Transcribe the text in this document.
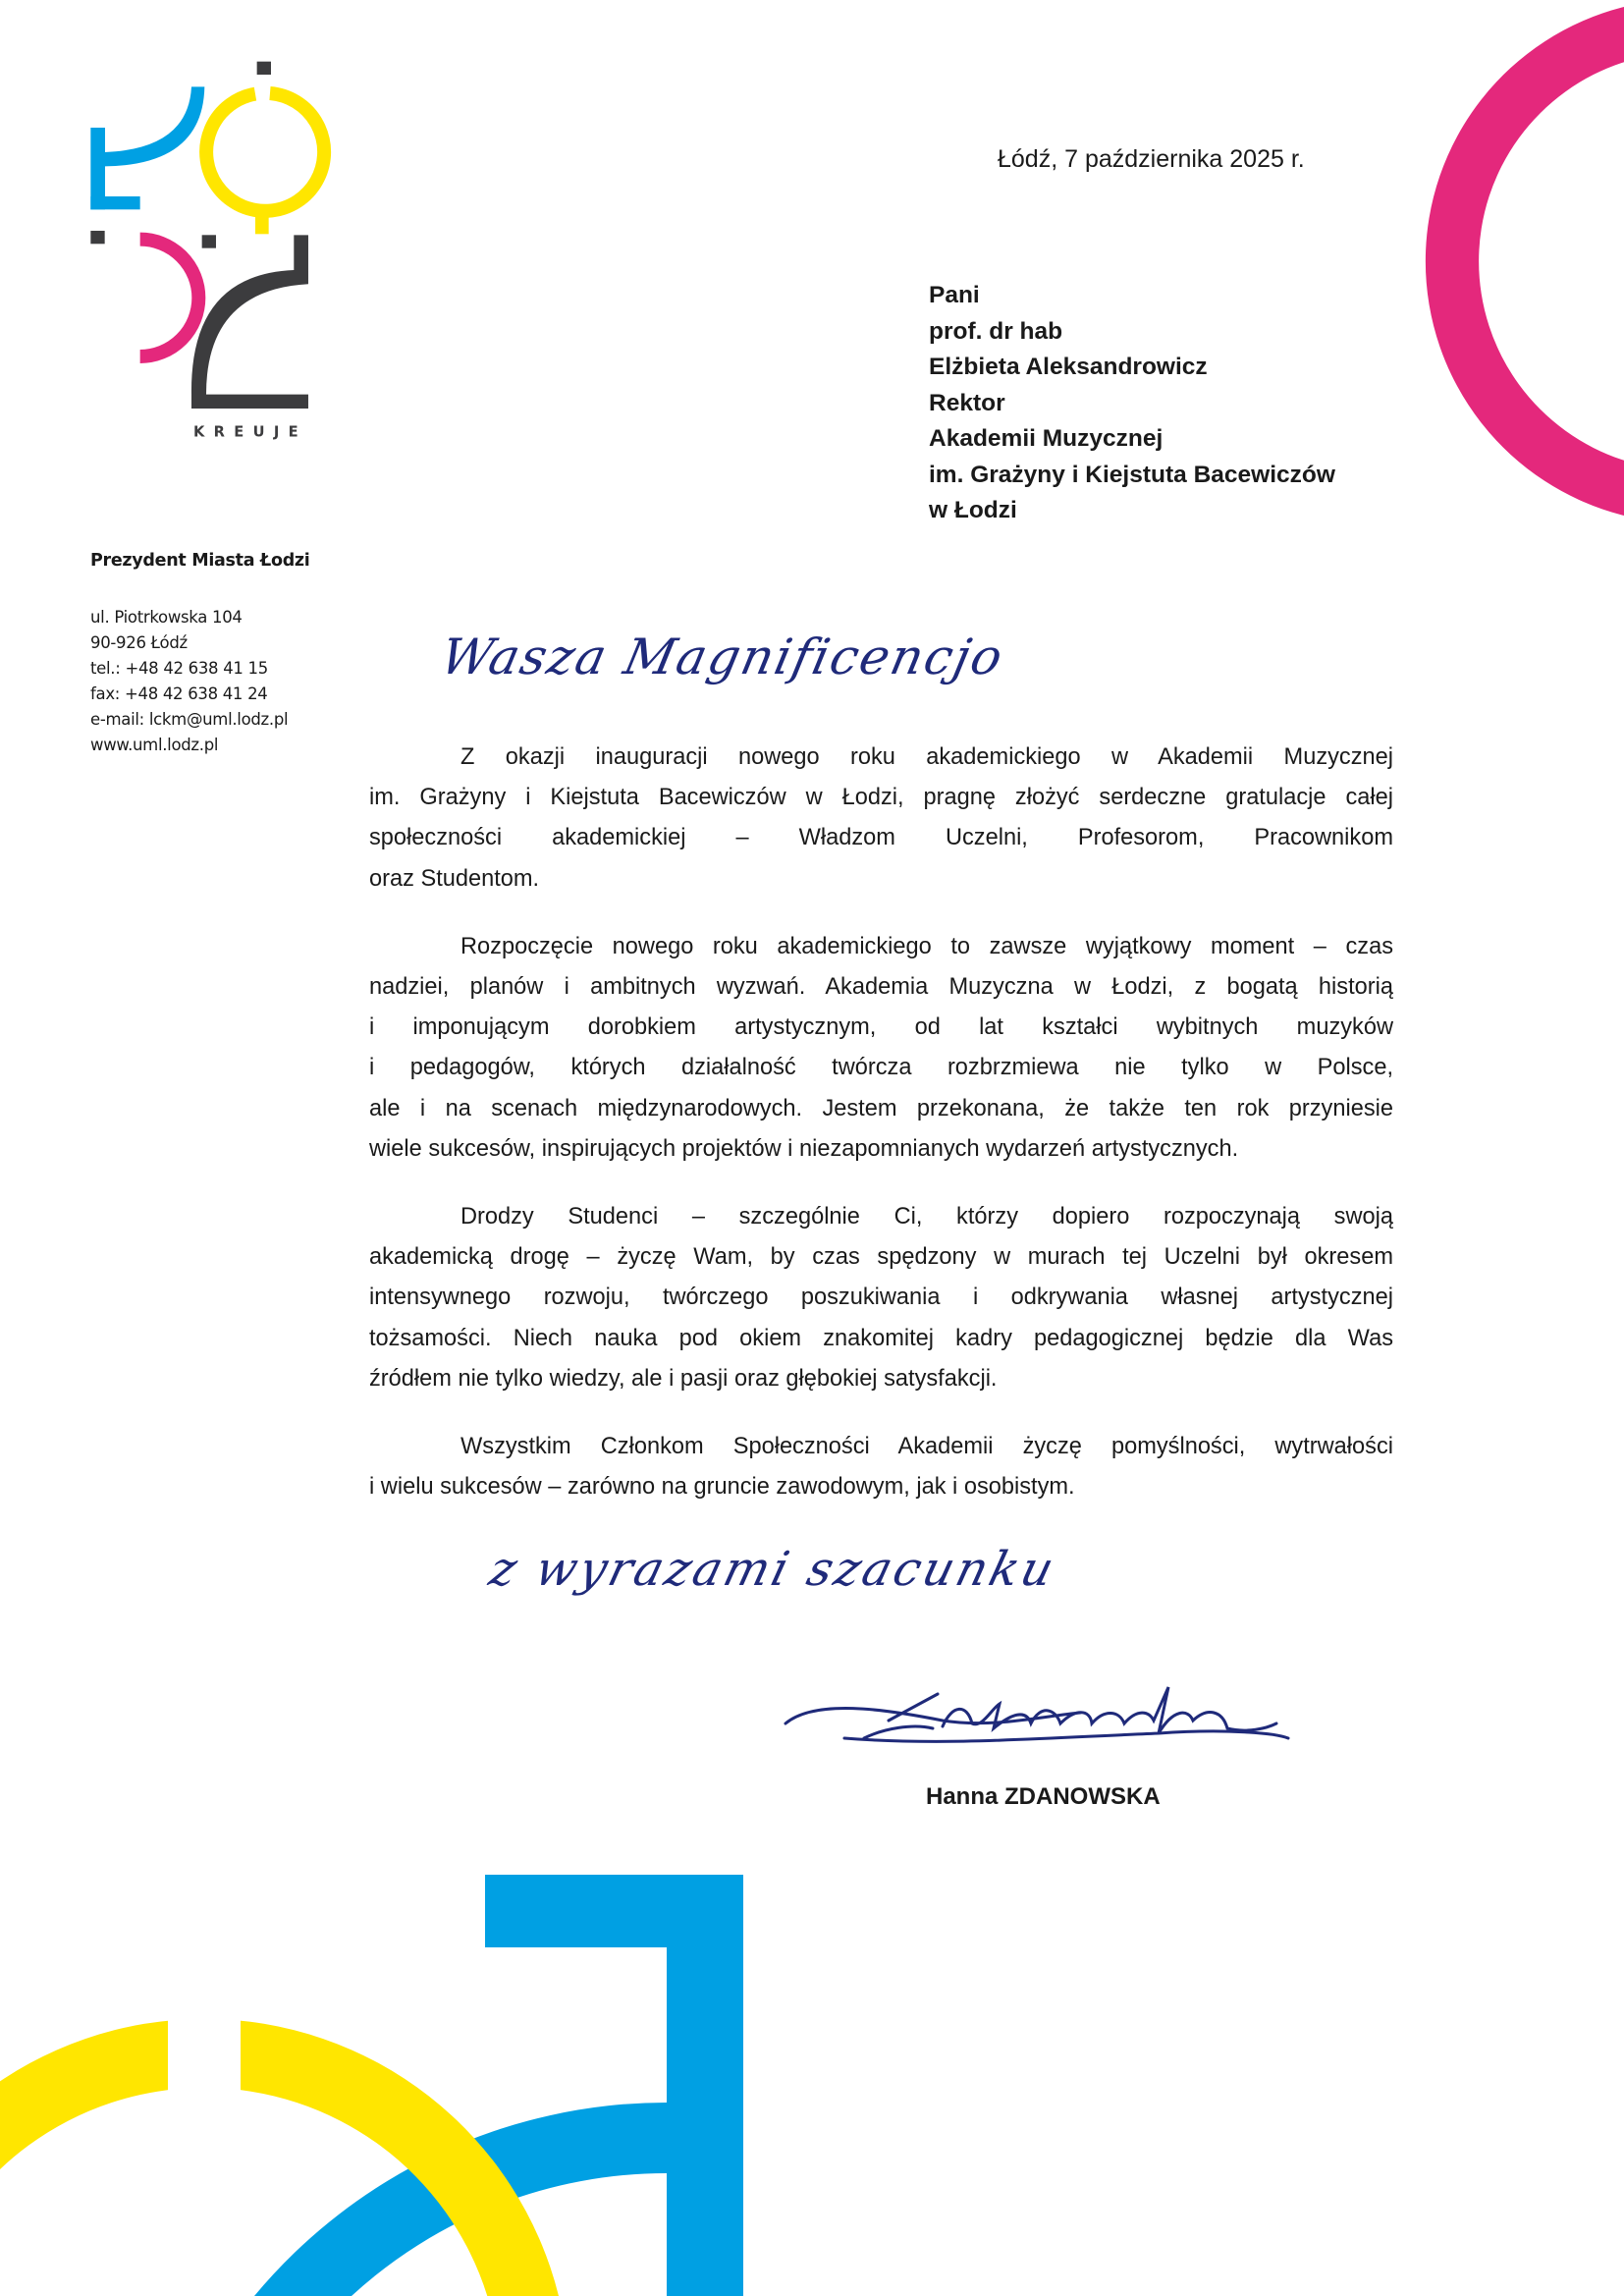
KREUJE
Prezydent Miasta Łodzi
ul. Piotrkowska 104
90-926 Łódź
tel.: +48 42 638 41 15
fax: +48 42 638 41 24
e-mail: lckm@uml.lodz.pl
www.uml.lodz.pl
Łódź, 7 października 2025 r.
Pani
prof. dr hab
Elżbieta Aleksandrowicz
Rektor
Akademii Muzycznej
im. Grażyny i Kiejstuta Bacewiczów
w Łodzi
Wasza Magnificencjo
Z okazji inauguracji nowego roku akademickiego w Akademii Muzycznej
im. Grażyny i Kiejstuta Bacewiczów w Łodzi, pragnę złożyć serdeczne gratulacje całej
społeczności akademickiej – Władzom Uczelni, Profesorom, Pracownikom
oraz Studentom.
Rozpoczęcie nowego roku akademickiego to zawsze wyjątkowy moment – czas
nadziei, planów i ambitnych wyzwań. Akademia Muzyczna w Łodzi, z bogatą historią
i imponującym dorobkiem artystycznym, od lat kształci wybitnych muzyków
i pedagogów, których działalność twórcza rozbrzmiewa nie tylko w Polsce,
ale i na scenach międzynarodowych. Jestem przekonana, że także ten rok przyniesie
wiele sukcesów, inspirujących projektów i niezapomnianych wydarzeń artystycznych.
Drodzy Studenci – szczególnie Ci, którzy dopiero rozpoczynają swoją
akademicką drogę – życzę Wam, by czas spędzony w murach tej Uczelni był okresem
intensywnego rozwoju, twórczego poszukiwania i odkrywania własnej artystycznej
tożsamości. Niech nauka pod okiem znakomitej kadry pedagogicznej będzie dla Was
źródłem nie tylko wiedzy, ale i pasji oraz głębokiej satysfakcji.
Wszystkim Członkom Społeczności Akademii życzę pomyślności, wytrwałości
i wielu sukcesów – zarówno na gruncie zawodowym, jak i osobistym.
z wyrazami szacunku
Hanna ZDANOWSKA
